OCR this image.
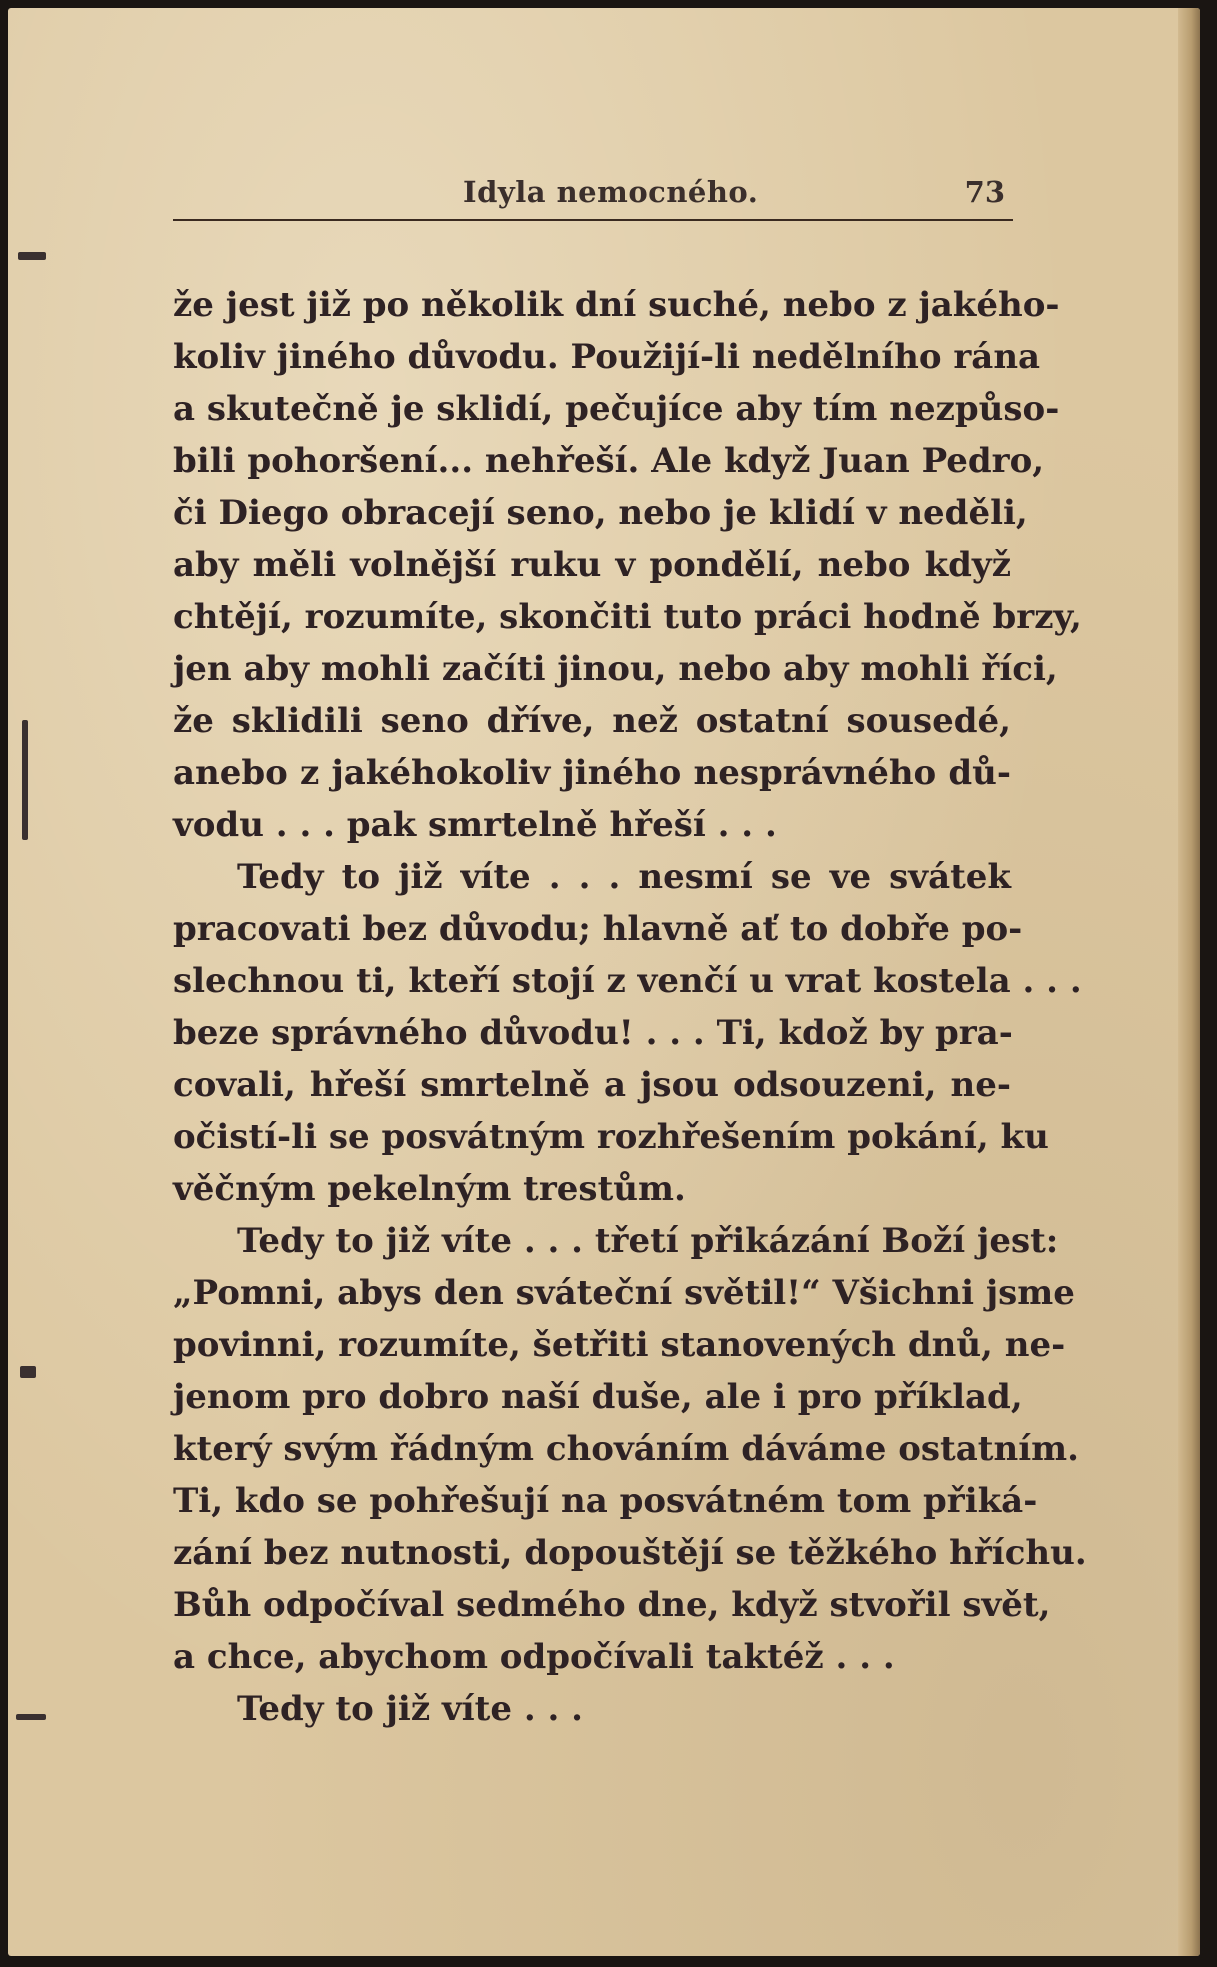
Idyla nemocného.	73
že jest již po několik dní suché, nebo z jakého-
koliv jiného důvodu. Použijí-li nedělního rána
a skutečně je sklidí, pečujíce aby tím nezpůso-
bili pohoršení... nehřeší. Ale když Juan Pedro,
či Diego obracejí seno, nebo je klidí v neděli,
aby měli volnější ruku v pondělí, nebo když
chtějí, rozumíte, skončiti tuto práci hodně brzy,
jen aby mohli začíti jinou, nebo aby mohli říci,
že sklidili seno dříve, než ostatní sousedé,
anebo z jakéhokoliv jiného nesprávného dů-
vodu . . . pak smrtelně hřeší . . .
Tedy to již víte . . . nesmí se ve svátek
pracovati bez důvodu; hlavně ať to dobře po-
slechnou ti, kteří stojí z venčí u vrat kostela . . .
beze správného důvodu! . . . Ti, kdož by pra-
covali, hřeší smrtelně a jsou odsouzeni, ne-
očistí-li se posvátným rozhřešením pokání, ku
věčným pekelným trestům.
Tedy to již víte . . . třetí přikázání Boží jest:
„Pomni, abys den sváteční světil!“ Všichni jsme
povinni, rozumíte, šetřiti stanovených dnů, ne-
jenom pro dobro naší duše, ale i pro příklad,
který svým řádným chováním dáváme ostatním.
Ti, kdo se pohřešují na posvátném tom přiká-
zání bez nutnosti, dopouštějí se těžkého hříchu.
Bůh odpočíval sedmého dne, když stvořil svět,
a chce, abychom odpočívali taktéž . . .
Tedy to již víte . . .
